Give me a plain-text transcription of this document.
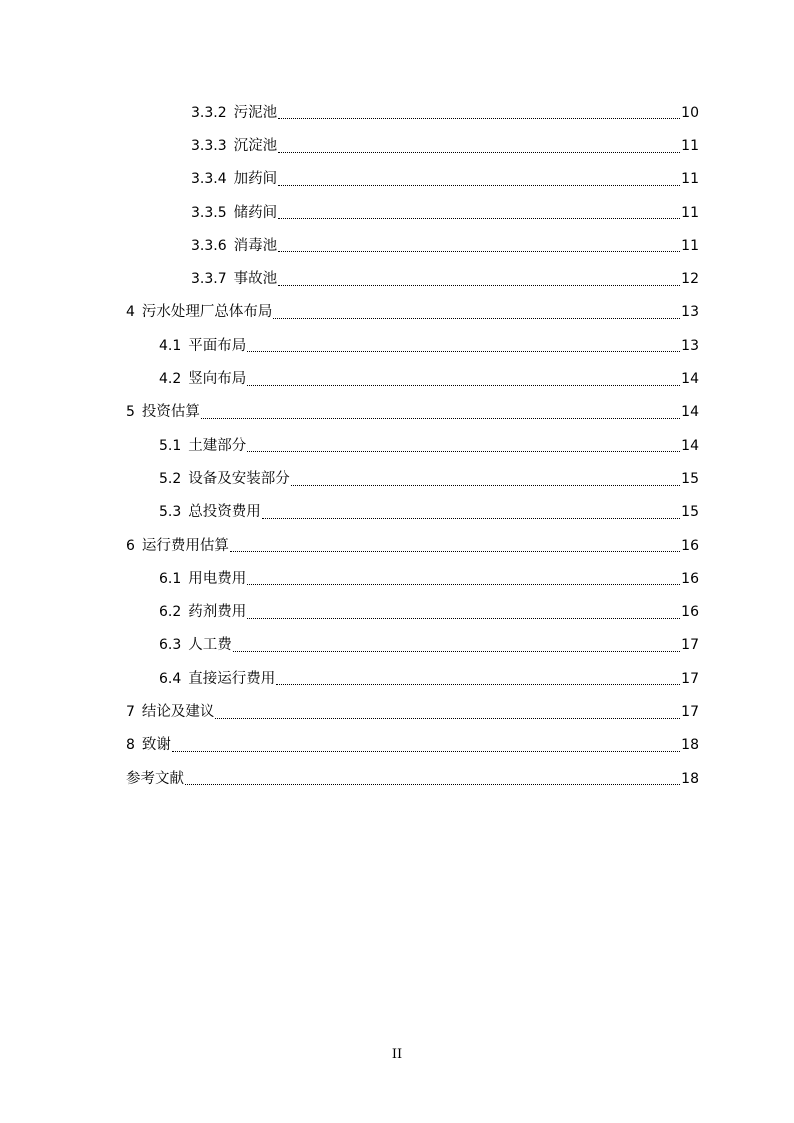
3.3.2 污泥池	10
3.3.3 沉淀池	11
3.3.4 加药间	11
3.3.5 储药间	11
3.3.6 消毒池	11
3.3.7 事故池	12
4 污水处理厂总体布局	13
4.1 平面布局	13
4.2 竖向布局	14
5 投资估算	14
5.1 土建部分	14
5.2 设备及安装部分	15
5.3 总投资费用	15
6 运行费用估算	16
6.1 用电费用	16
6.2 药剂费用	16
6.3 人工费	17
6.4 直接运行费用	17
7 结论及建议	17
8 致谢	18
参考文献	18
II
